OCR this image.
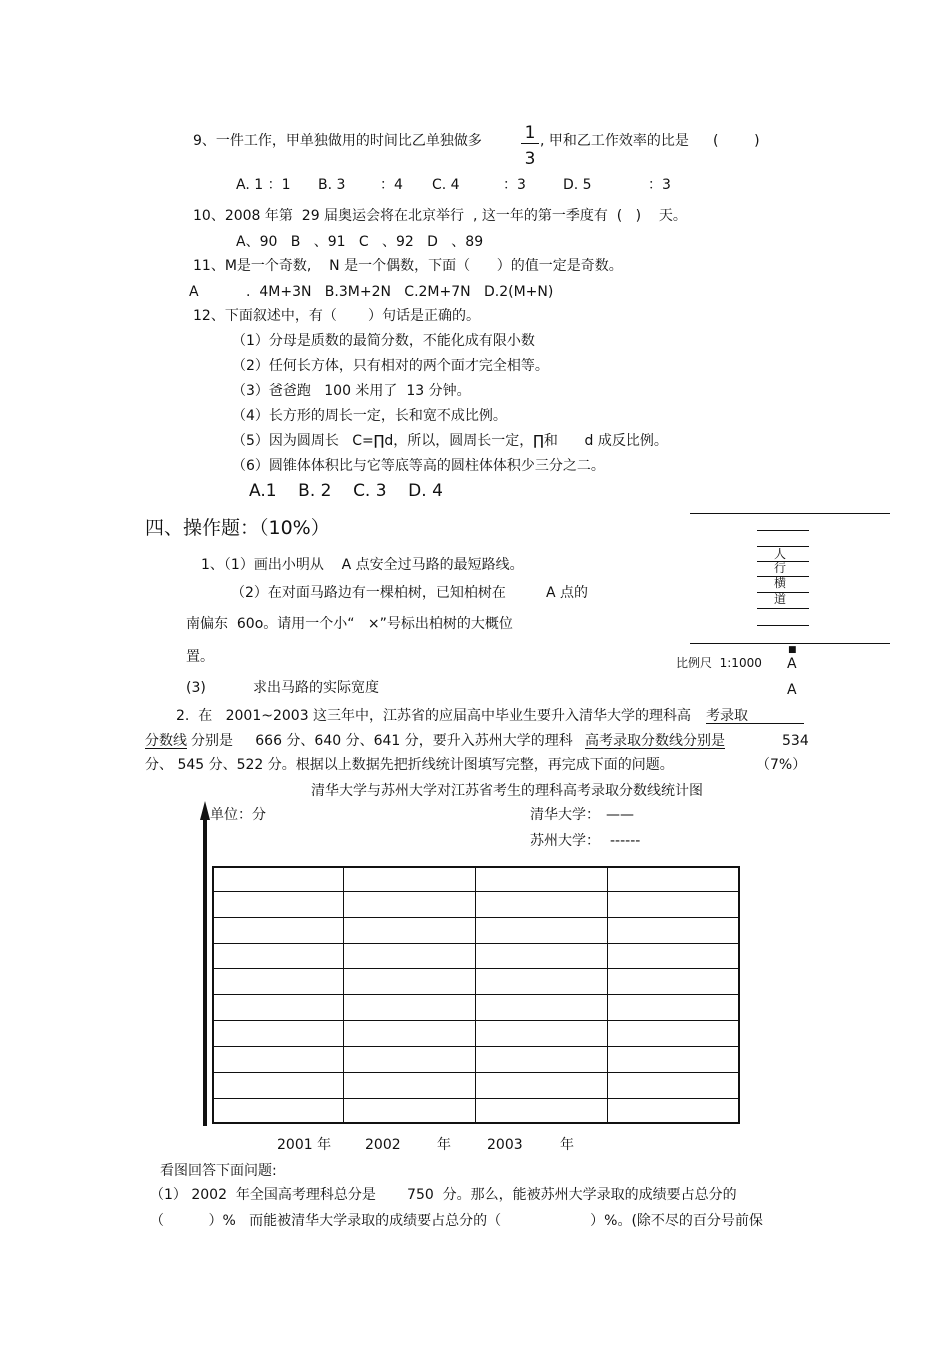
9、一件工作，甲单独做用的时间比乙单独做多	1
3
, 甲和乙工作效率的比是 (        )
A. 1 ：1 B. 3 ：4 C. 4	：3	D. 5	：3
10、2008 年第  29 届奥运会将在北京举行  , 这一年的第一季度有  (   )    天。
A、90   B   、91   C   、92   D   、89
11、M是一个奇数,    N 是一个偶数，下面（      ）的值一定是奇数。
A	.  4M+3N   B.3M+2N   C.2M+7N   D.2(M+N)
12、下面叙述中，有（       ）句话是正确的。
（1）分母是质数的最简分数，不能化成有限小数
（2）任何长方体，只有相对的两个面才完全相等。
（3）爸爸跑   100 米用了  13 分钟。
（4）长方形的周长一定，长和宽不成比例。
（5）因为圆周长   C=∏d，所以，圆周长一定，∏和      d 成反比例。
（6）圆锥体体积比与它等底等高的圆柱体体积少三分之二。
A.1    B. 2    C. 3    D. 4
四、操作题：（10%）
1、（1）画出小明从    A 点安全过马路的最短路线。
（2）在对面马路边有一棵柏树，已知柏树在         A 点的
南偏东  60o。请用一个小“   ×”号标出柏树的大概位
置。
(3)	求出马路的实际宽度
人
行
横
道
比例尺  1:1000
■
A
A
2.  在   2001~2003 这三年中，江苏省的应届高中毕业生要升入清华大学的理科高 考录取
分数线 分别是     666 分、640 分、641 分，要升入苏州大学的理科 高考录取分数线分别是	534
分、 545 分、522 分。根据以上数据先把折线统计图填写完整，再完成下面的问题。	（7%）
清华大学与苏州大学对江苏省考生的理科高考录取分数线统计图
单位：分	清华大学： ——
苏州大学： ------
2001 年 2002	年	2003	年
看图回答下面问题:
（1） 2002  年全国高考理科总分是       750  分。那么，能被苏州大学录取的成绩要占总分的
（          ）%   而能被清华大学录取的成绩要占总分的（                    ）%。(除不尽的百分号前保
